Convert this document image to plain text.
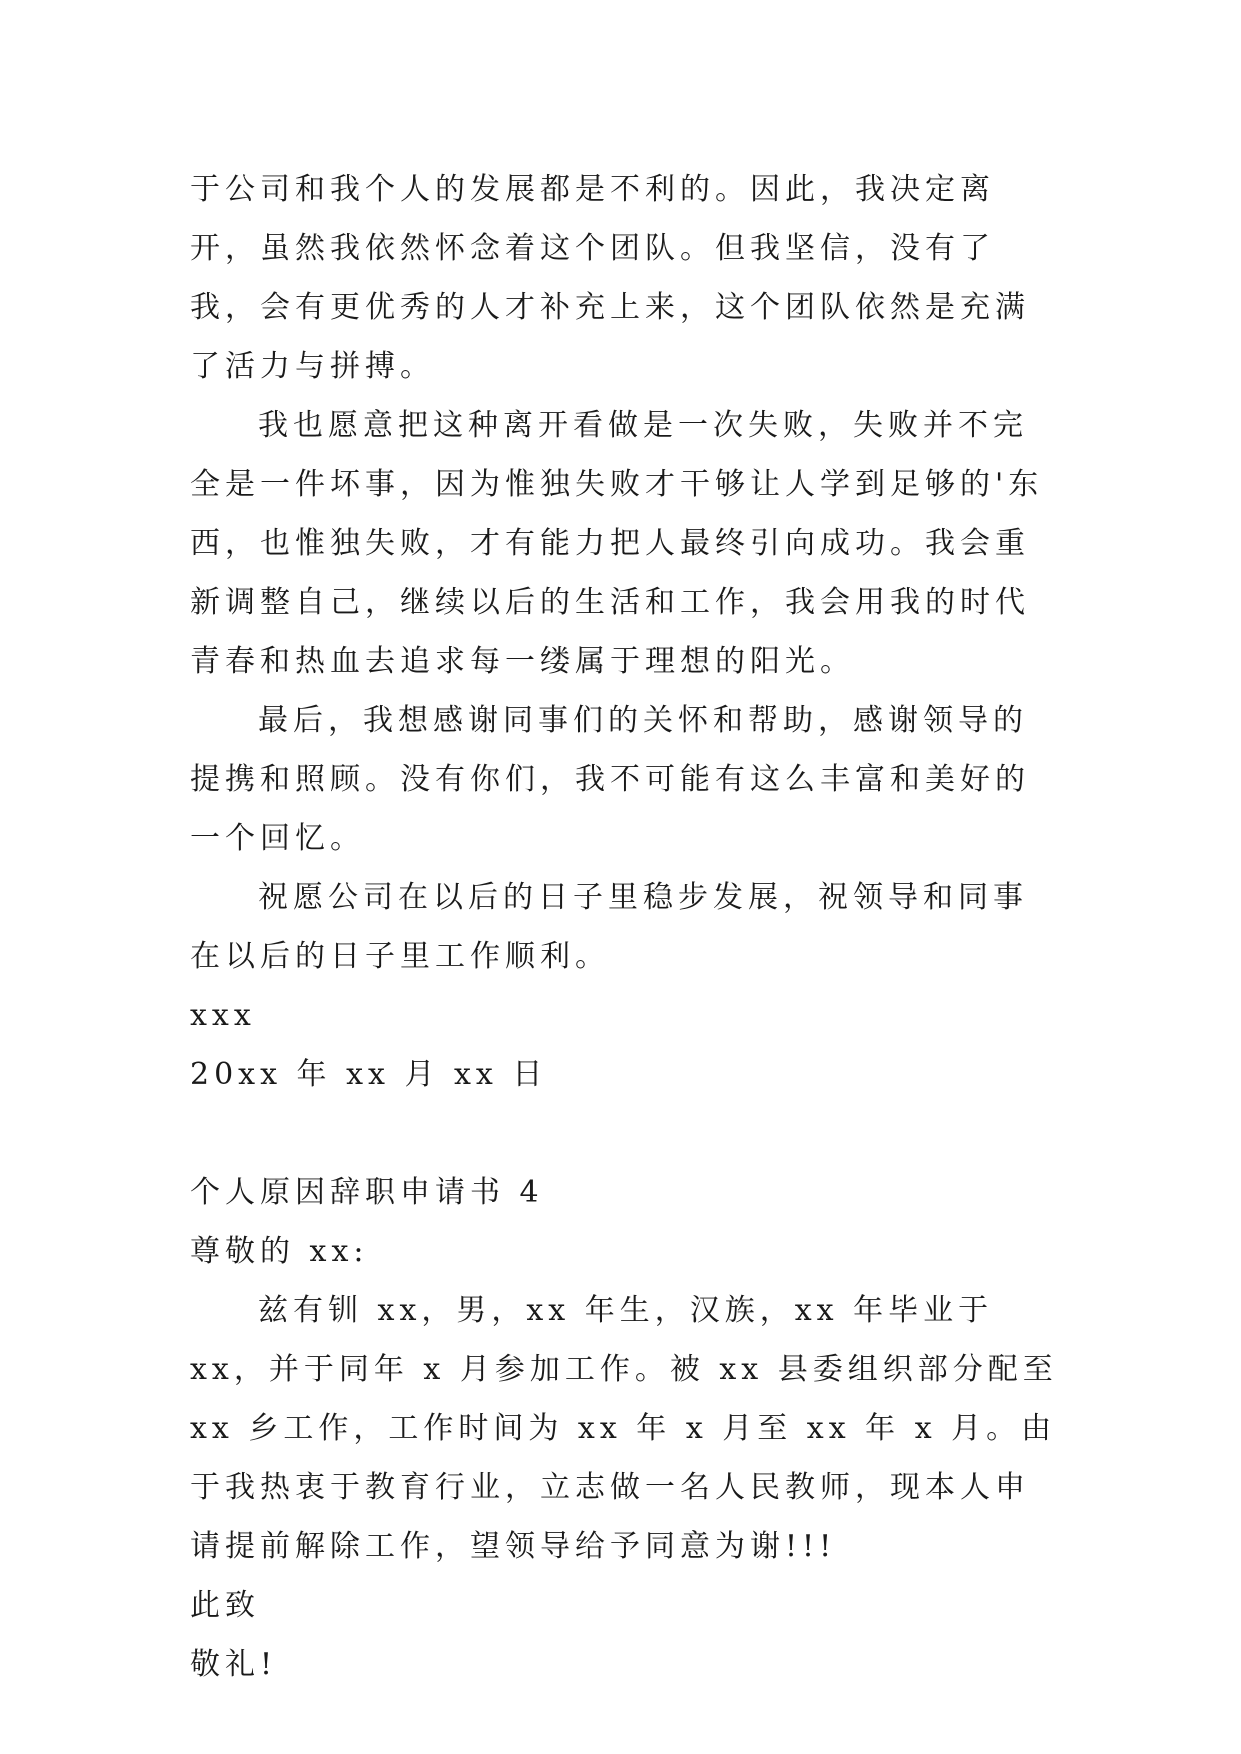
于公司和我个人的发展都是不利的。因此，我决定离开，虽然我依然怀念着这个团队。但我坚信，没有了我，会有更优秀的人才补充上来，这个团队依然是充满了活力与拼搏。

我也愿意把这种离开看做是一次失败，失败并不完全是一件坏事，因为惟独失败才干够让人学到足够的'东西，也惟独失败，才有能力把人最终引向成功。我会重新调整自己，继续以后的生活和工作，我会用我的时代青春和热血去追求每一缕属于理想的阳光。

最后，我想感谢同事们的关怀和帮助，感谢领导的提携和照顾。没有你们，我不可能有这么丰富和美好的一个回忆。

祝愿公司在以后的日子里稳步发展，祝领导和同事在以后的日子里工作顺利。

xxx

20xx 年 xx 月 xx 日

个人原因辞职申请书 4

尊敬的 xx:

兹有钏 xx，男，xx 年生，汉族，xx 年毕业于 xx，并于同年 x 月参加工作。被 xx 县委组织部分配至 xx 乡工作，工作时间为 xx 年 x 月至 xx 年 x 月。由于我热衷于教育行业，立志做一名人民教师，现本人申请提前解除工作，望领导给予同意为谢!!!

此致

敬礼!
